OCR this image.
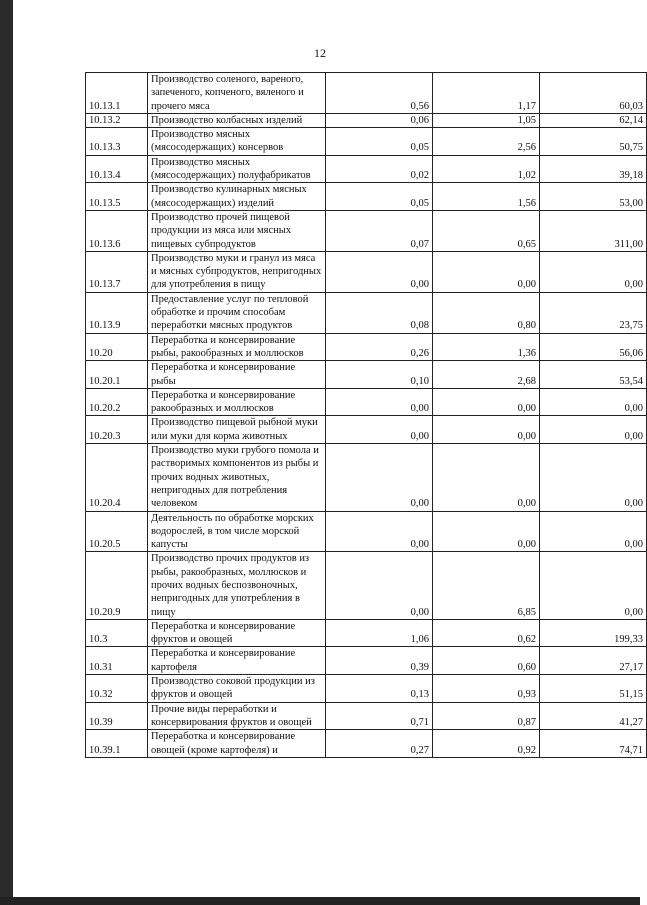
12
10.13.1	Производство соленого, вареного, запеченого, копченого, вяленого и прочего мяса	0,56	1,17	60,03
10.13.2	Производство колбасных изделий	0,06	1,05	62,14
10.13.3	Производство мясных (мясосодержащих) консервов	0,05	2,56	50,75
10.13.4	Производство мясных (мясосодержащих) полуфабрикатов	0,02	1,02	39,18
10.13.5	Производство кулинарных мясных (мясосодержащих) изделий	0,05	1,56	53,00
10.13.6	Производство прочей пищевой продукции из мяса или мясных пищевых субпродуктов	0,07	0,65	311,00
10.13.7	Производство муки и гранул из мяса и мясных субпродуктов, непригодных для употребления в пищу	0,00	0,00	0,00
10.13.9	Предоставление услуг по тепловой обработке и прочим способам переработки мясных продуктов	0,08	0,80	23,75
10.20	Переработка и консервирование рыбы, ракообразных и моллюсков	0,26	1,36	56,06
10.20.1	Переработка и консервирование рыбы	0,10	2,68	53,54
10.20.2	Переработка и консервирование ракообразных и моллюсков	0,00	0,00	0,00
10.20.3	Производство пищевой рыбной муки или муки для корма животных	0,00	0,00	0,00
10.20.4	Производство муки грубого помола и растворимых компонентов из рыбы и прочих водных животных, непригодных для потребления человеком	0,00	0,00	0,00
10.20.5	Деятельность по обработке морских водорослей, в том числе морской капусты	0,00	0,00	0,00
10.20.9	Производство прочих продуктов из рыбы, ракообразных, моллюсков и прочих водных беспозвоночных, непригодных для употребления в пищу	0,00	6,85	0,00
10.3	Переработка и консервирование фруктов и овощей	1,06	0,62	199,33
10.31	Переработка и консервирование картофеля	0,39	0,60	27,17
10.32	Производство соковой продукции из фруктов и овощей	0,13	0,93	51,15
10.39	Прочие виды переработки и консервирования фруктов и овощей	0,71	0,87	41,27
10.39.1	Переработка и консервирование овощей (кроме картофеля) и	0,27	0,92	74,71
